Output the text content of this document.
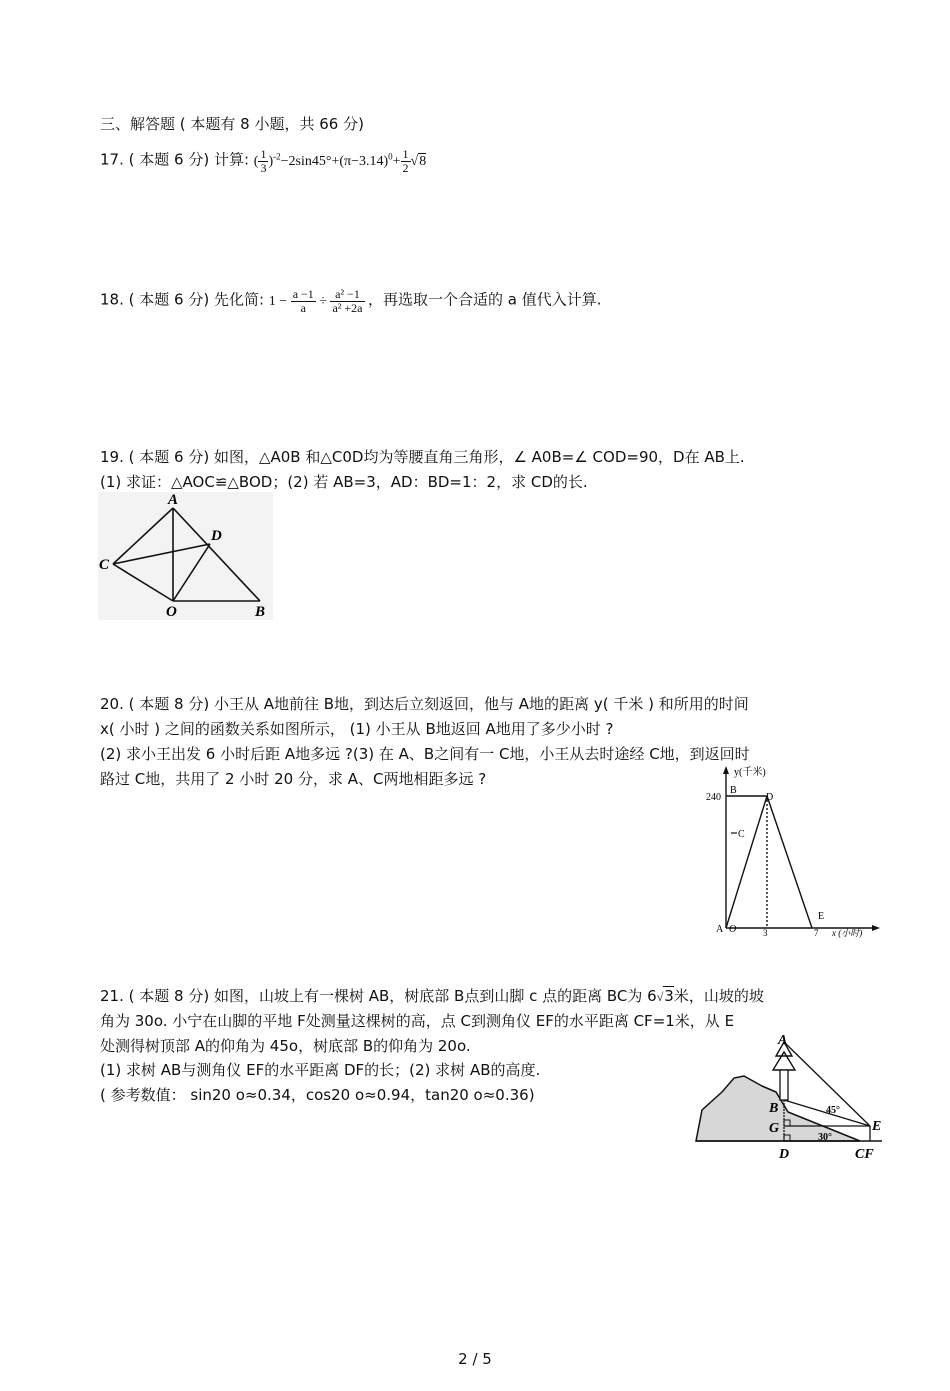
三、解答题 ( 本题有 8 小题，共 66 分)
17. ( 本题 6 分) 计算: ( $\frac{1}{3} )^{-2}-2\sin 45^\circ+(\pi-3.14)^0+ \frac{1}{2} √8$
18. ( 本题 6 分) 先化简: $1 - \frac{a -1}{a} \div \frac{\text{a² −1}}{\text{a² +2a}}$ ，再选取一个合适的 a 值代入计算.
19. ( 本题 6 分) 如图，△A0B 和△C0D均为等腰直角三角形，∠ A0B=∠ COD=90，D在 AB上.
(1) 求证：△AOC≌△BOD；(2) 若 AB=3，AD：BD=1：2，求 CD的长.
A
D
C
O	B
20. ( 本题 8 分) 小王从 A地前往 B地，到达后立刻返回，他与 A地的距离 y( 千米 ) 和所用的时间
x( 小时 ) 之间的函数关系如图所示， (1) 小王从 B地返回 A地用了多少小时 ?
(2) 求小王出发 6 小时后距 A地多远 ?(3) 在 A、B之间有一 C地，小王从去时途经 C地，到返回时
路过 C地，共用了 2 小时 20 分，求 A、C两地相距多远 ?	y(千米)
240
B
D
C
E
A O	3	7 x (小时)
21. ( 本题 8 分) 如图，山坡上有一棵树 AB，树底部 B点到山脚 c 点的距离 BC为 6√3米，山坡的坡
角为 30o. 小宁在山脚的平地 F处测量这棵树的高，点 C到测角仪 EF的水平距离 CF=1米，从 E
处测得树顶部 A的仰角为 45o，树底部 B的仰角为 20o.
(1) 求树 AB与测角仪 EF的水平距离 DF的长；(2) 求树 AB的高度.
( 参考数值： sin20 o≈0.34，cos20 o≈0.94，tan20 o≈0.36)
A
B
G
D	CF
E
45°
30°
2 / 5
